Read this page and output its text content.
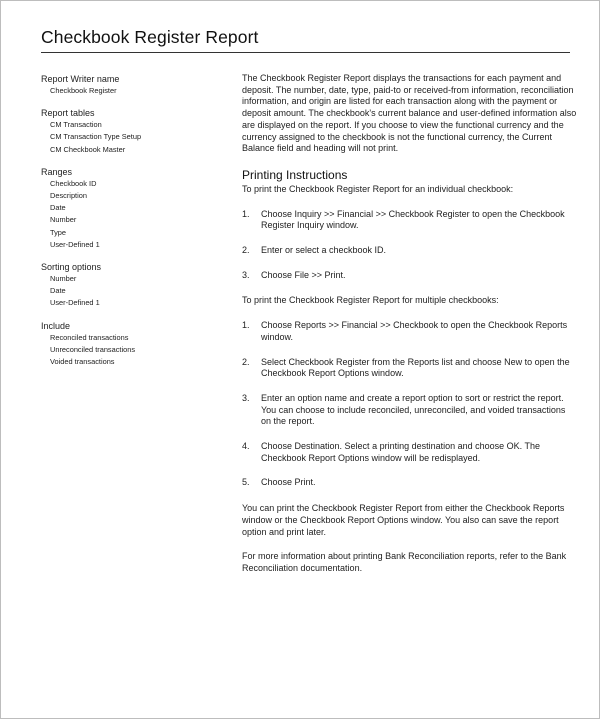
Checkbook Register Report

Report Writer name

Checkbook Register

Report tables

CM Transaction
CM Transaction Type Setup
CM Checkbook Master

Ranges

Checkbook ID
Description
Date
Number
Type
User-Defined 1

Sorting options

Number
Date
User-Defined 1

Include

Reconciled transactions
Unreconciled transactions
Voided transactions

The Checkbook Register Report displays the transactions for each payment and deposit. The number, date, type, paid-to or received-from information, reconciliation information, and origin are listed for each transaction along with the payment or deposit amount. The checkbook's current balance and user-defined information also are displayed on the report. If you choose to view the functional currency and the currency assigned to the checkbook is not the functional currency, the Current Balance field and heading will not print.

Printing Instructions

To print the Checkbook Register Report for an individual checkbook:

1.	Choose Inquiry >> Financial >> Checkbook Register to open the Checkbook Register Inquiry window.
2.	Enter or select a checkbook ID.
3.	Choose File >> Print.

To print the Checkbook Register Report for multiple checkbooks:

1.	Choose Reports >> Financial >> Checkbook to open the Checkbook Reports window.
2.	Select Checkbook Register from the Reports list and choose New to open the Checkbook Report Options window.
3.	Enter an option name and create a report option to sort or restrict the report. You can choose to include reconciled, unreconciled, and voided transactions on the report.
4.	Choose Destination. Select a printing destination and choose OK. The Checkbook Report Options window will be redisplayed.
5.	Choose Print.

You can print the Checkbook Register Report from either the Checkbook Reports window or the Checkbook Report Options window. You also can save the report option and print later.

For more information about printing Bank Reconciliation reports, refer to the Bank Reconciliation documentation.
